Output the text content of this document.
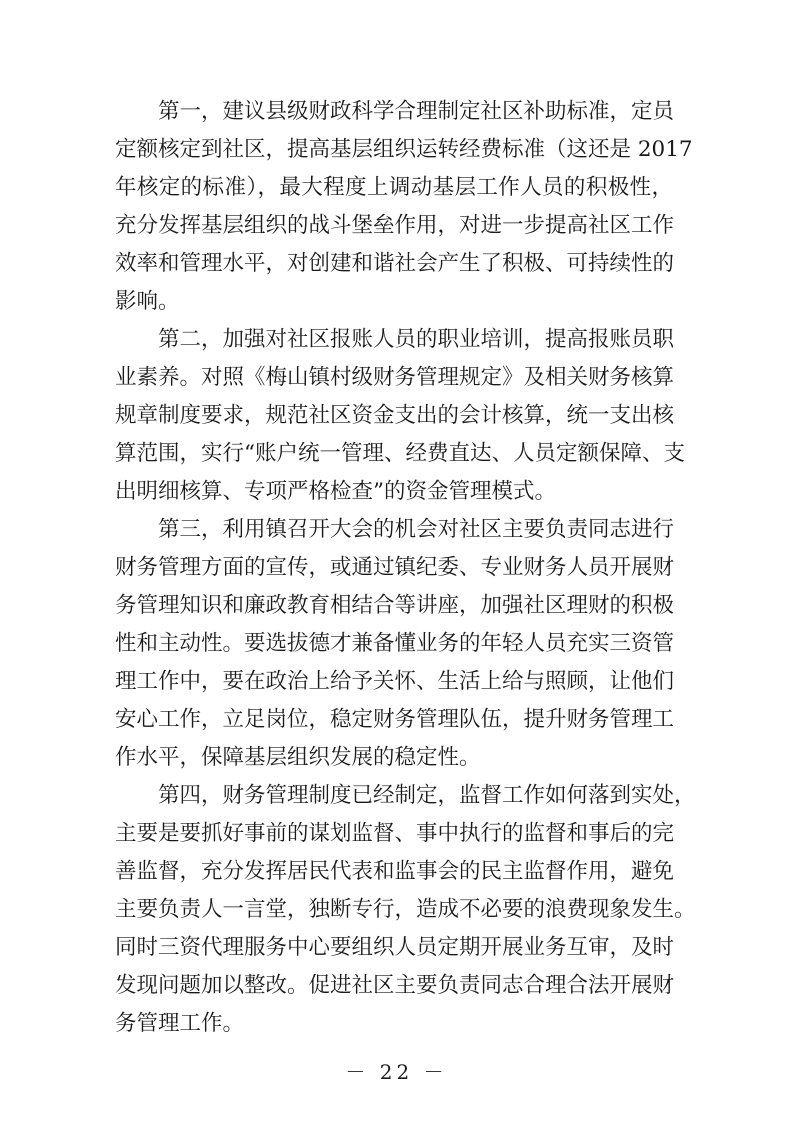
第一，建议县级财政科学合理制定社区补助标准，定员
定额核定到社区，提高基层组织运转经费标准（这还是 2017
年核定的标准），最大程度上调动基层工作人员的积极性，
充分发挥基层组织的战斗堡垒作用，对进一步提高社区工作
效率和管理水平，对创建和谐社会产生了积极、可持续性的
影响。
第二，加强对社区报账人员的职业培训，提高报账员职
业素养。对照《梅山镇村级财务管理规定》及相关财务核算
规章制度要求，规范社区资金支出的会计核算，统一支出核
算范围，实行“账户统一管理、经费直达、人员定额保障、支
出明细核算、专项严格检查”的资金管理模式。
第三，利用镇召开大会的机会对社区主要负责同志进行
财务管理方面的宣传，或通过镇纪委、专业财务人员开展财
务管理知识和廉政教育相结合等讲座，加强社区理财的积极
性和主动性。要选拔德才兼备懂业务的年轻人员充实三资管
理工作中，要在政治上给予关怀、生活上给与照顾，让他们
安心工作，立足岗位，稳定财务管理队伍，提升财务管理工
作水平，保障基层组织发展的稳定性。
第四，财务管理制度已经制定，监督工作如何落到实处，
主要是要抓好事前的谋划监督、事中执行的监督和事后的完
善监督，充分发挥居民代表和监事会的民主监督作用，避免
主要负责人一言堂，独断专行，造成不必要的浪费现象发生。
同时三资代理服务中心要组织人员定期开展业务互审，及时
发现问题加以整改。促进社区主要负责同志合理合法开展财
务管理工作。
－ 22 －
